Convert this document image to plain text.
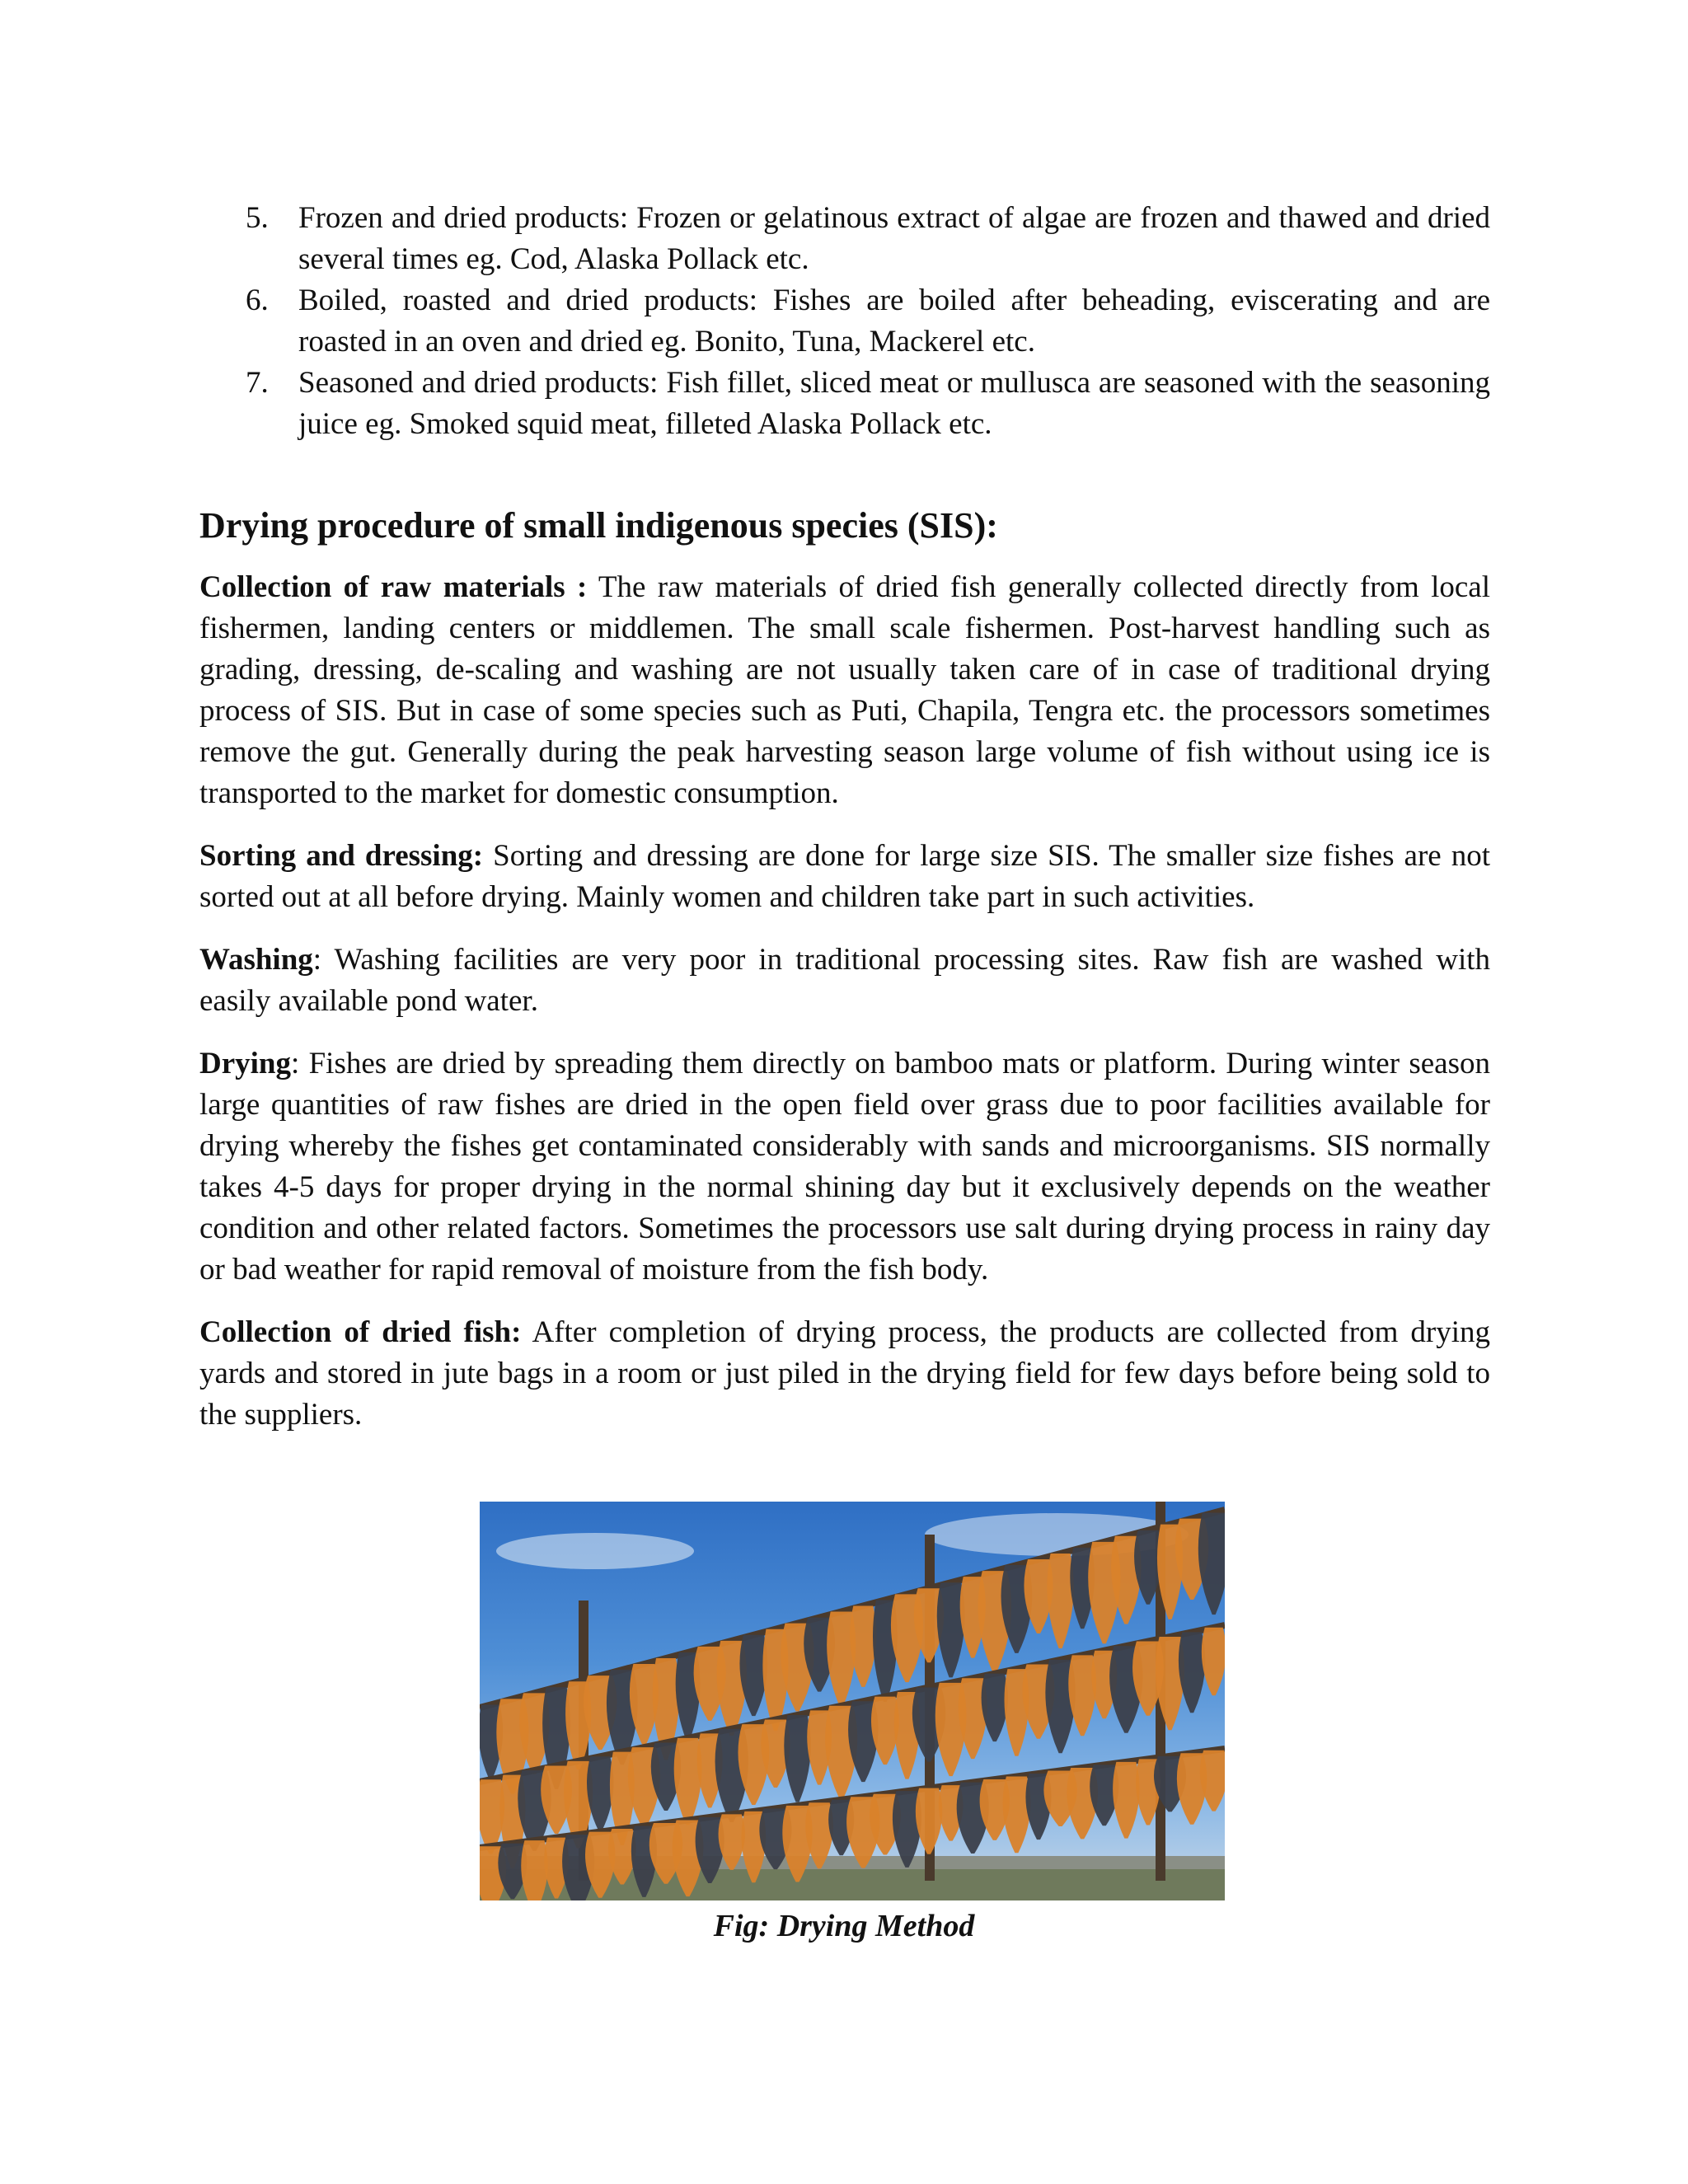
5. Frozen and dried products: Frozen or gelatinous extract of algae are frozen and thawed and dried several times eg. Cod, Alaska Pollack etc.
6. Boiled, roasted and dried products: Fishes are boiled after beheading, eviscerating and are roasted in an oven and dried eg. Bonito, Tuna, Mackerel etc.
7. Seasoned and dried products: Fish fillet, sliced meat or mullusca are seasoned with the seasoning juice eg. Smoked squid meat, filleted Alaska Pollack etc.
Drying procedure of small indigenous species (SIS):

Collection of raw materials : The raw materials of dried fish generally collected directly from local fishermen, landing centers or middlemen. The small scale fishermen. Post-harvest handling such as grading, dressing, de-scaling and washing are not usually taken care of in case of traditional drying process of SIS. But in case of some species such as Puti, Chapila, Tengra etc. the processors sometimes remove the gut. Generally during the peak harvesting season large volume of fish without using ice is transported to the market for domestic consumption.

Sorting and dressing: Sorting and dressing are done for large size SIS. The smaller size fishes are not sorted out at all before drying. Mainly women and children take part in such activities.

Washing: Washing facilities are very poor in traditional processing sites. Raw fish are washed with easily available pond water.

Drying: Fishes are dried by spreading them directly on bamboo mats or platform. During winter season large quantities of raw fishes are dried in the open field over grass due to poor facilities available for drying whereby the fishes get contaminated considerably with sands and microorganisms. SIS normally takes 4-5 days for proper drying in the normal shining day but it exclusively depends on the weather condition and other related factors. Sometimes the processors use salt during drying process in rainy day or bad weather for rapid removal of moisture from the fish body.

Collection of dried fish: After completion of drying process, the products are collected from drying yards and stored in jute bags in a room or just piled in the drying field for few days before being sold to the suppliers.

Fig: Drying Method
